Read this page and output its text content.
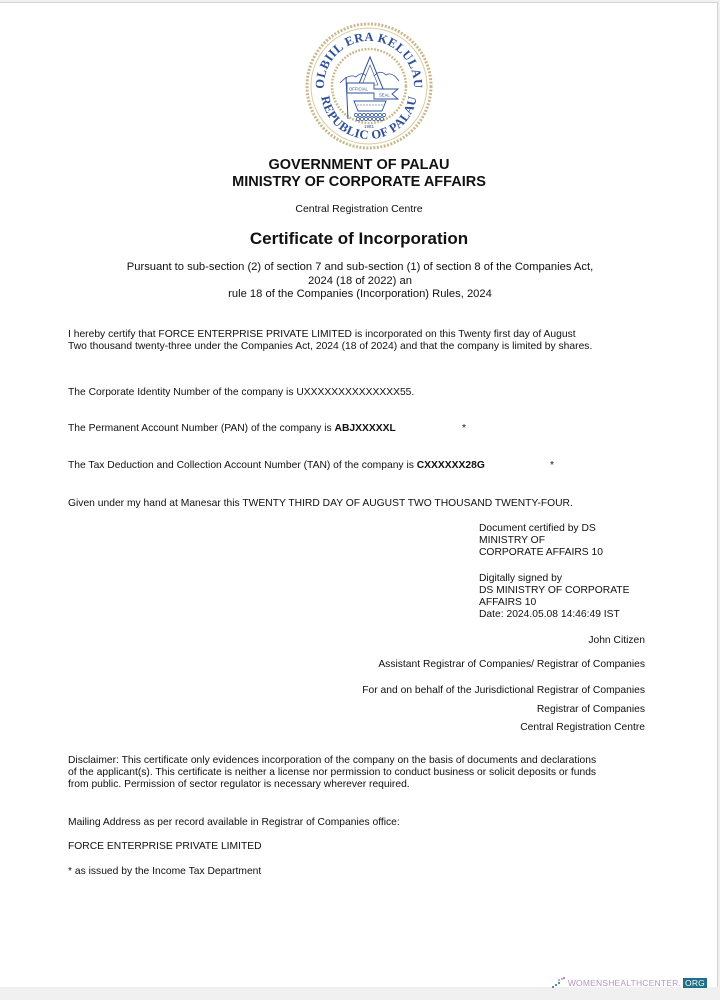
OLBIIL ERA KELULAU
REPUBLIC OF PALAU
OFFICIAL
SEAL
1981
GOVERNMENT OF PALAU
MINISTRY OF CORPORATE AFFAIRS
Central Registration Centre
Certificate of Incorporation
Pursuant to sub-section (2) of section 7 and sub-section (1) of section 8 of the Companies Act,
2024 (18 of 2022) an
rule 18 of the Companies (Incorporation) Rules, 2024
I hereby certify that FORCE ENTERPRISE PRIVATE LIMITED is incorporated on this Twenty first day of August
Two thousand twenty-three under the Companies Act, 2024 (18 of 2024) and that the company is limited by shares.
The Corporate Identity Number of the company is UXXXXXXXXXXXXXX55.
The Permanent Account Number (PAN) of the company is ABJXXXXXL	*
The Tax Deduction and Collection Account Number (TAN) of the company is CXXXXXX28G	*
Given under my hand at Manesar this TWENTY THIRD DAY OF AUGUST TWO THOUSAND TWENTY-FOUR.
Document certified by DS
MINISTRY OF
CORPORATE AFFAIRS 10
Digitally signed by
DS MINISTRY OF CORPORATE
AFFAIRS 10
Date: 2024.05.08 14:46:49 IST
John Citizen
Assistant Registrar of Companies/ Registrar of Companies
For and on behalf of the Jurisdictional Registrar of Companies
Registrar of Companies
Central Registration Centre
Disclaimer: This certificate only evidences incorporation of the company on the basis of documents and declarations
of the applicant(s). This certificate is neither a license nor permission to conduct business or solicit deposits or funds
from public. Permission of sector regulator is necessary wherever required.
Mailing Address as per record available in Registrar of Companies office:
FORCE ENTERPRISE PRIVATE LIMITED
* as issued by the Income Tax Department
WOMENSHEALTHCENTER. ORG
